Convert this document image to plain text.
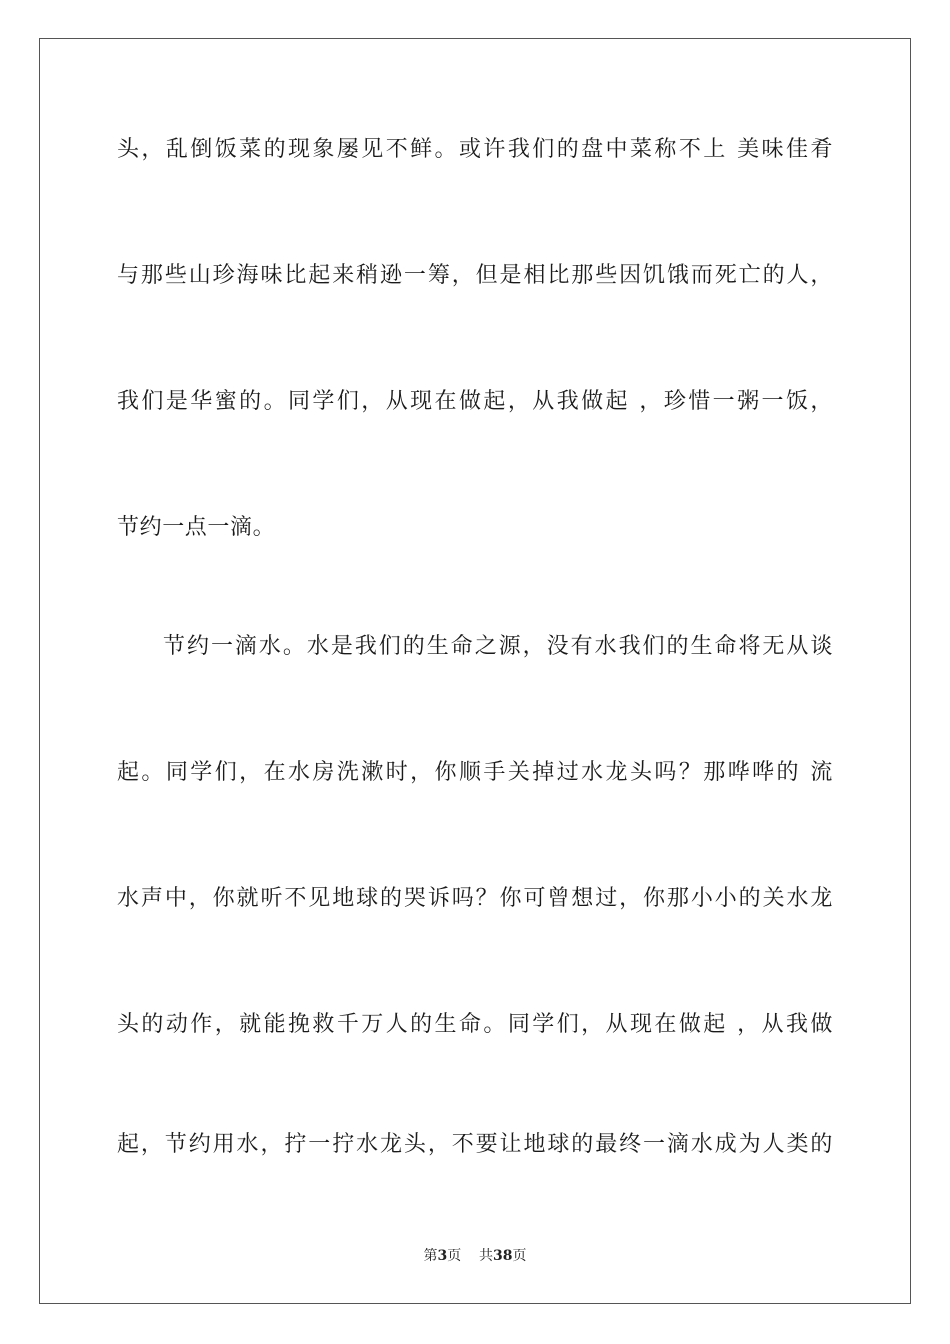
头，乱倒饭菜的现象屡见不鲜。或许我们的盘中菜称不上 美味佳肴
与那些山珍海味比起来稍逊一筹，但是相比那些因饥饿而死亡的人，
我们是华蜜的。同学们，从现在做起，从我做起 ，珍惜一粥一饭，
节约一点一滴。
节约一滴水。水是我们的生命之源，没有水我们的生命将无从谈
起。同学们，在水房洗漱时，你顺手关掉过水龙头吗？那哗哗的 流
水声中，你就听不见地球的哭诉吗？你可曾想过，你那小小的关水龙
头的动作，就能挽救千万人的生命。同学们，从现在做起 ，从我做
起，节约用水，拧一拧水龙头，不要让地球的最终一滴水成为人类的
第3页 共38页
